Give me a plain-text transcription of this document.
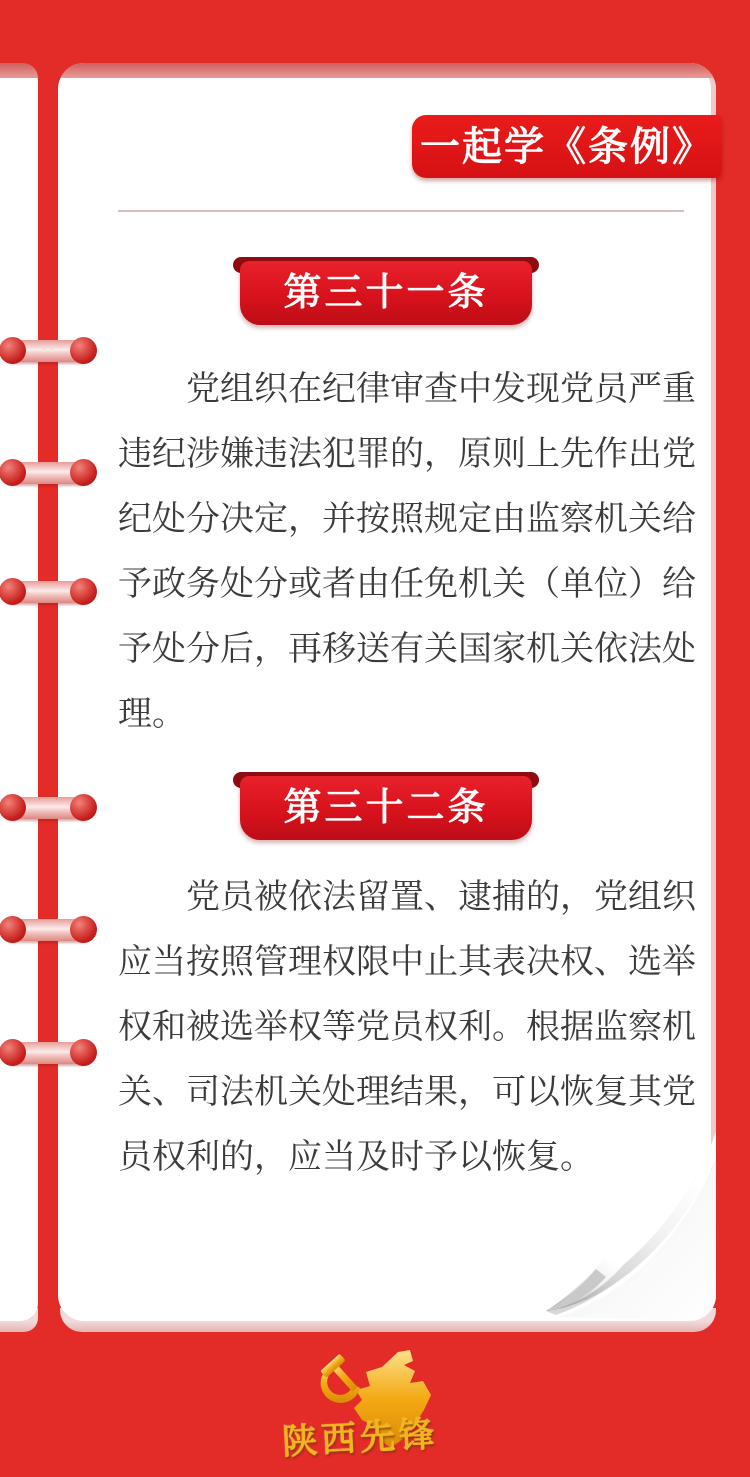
一起学《条例》
第三十一条
党组织在纪律审查中发现党员严重违纪涉嫌违法犯罪的，原则上先作出党纪处分决定，并按照规定由监察机关给予政务处分或者由任免机关（单位）给予处分后，再移送有关国家机关依法处理。
第三十二条
党员被依法留置、逮捕的，党组织应当按照管理权限中止其表决权、选举权和被选举权等党员权利。根据监察机关、司法机关处理结果，可以恢复其党员权利的，应当及时予以恢复。
陕西先锋
